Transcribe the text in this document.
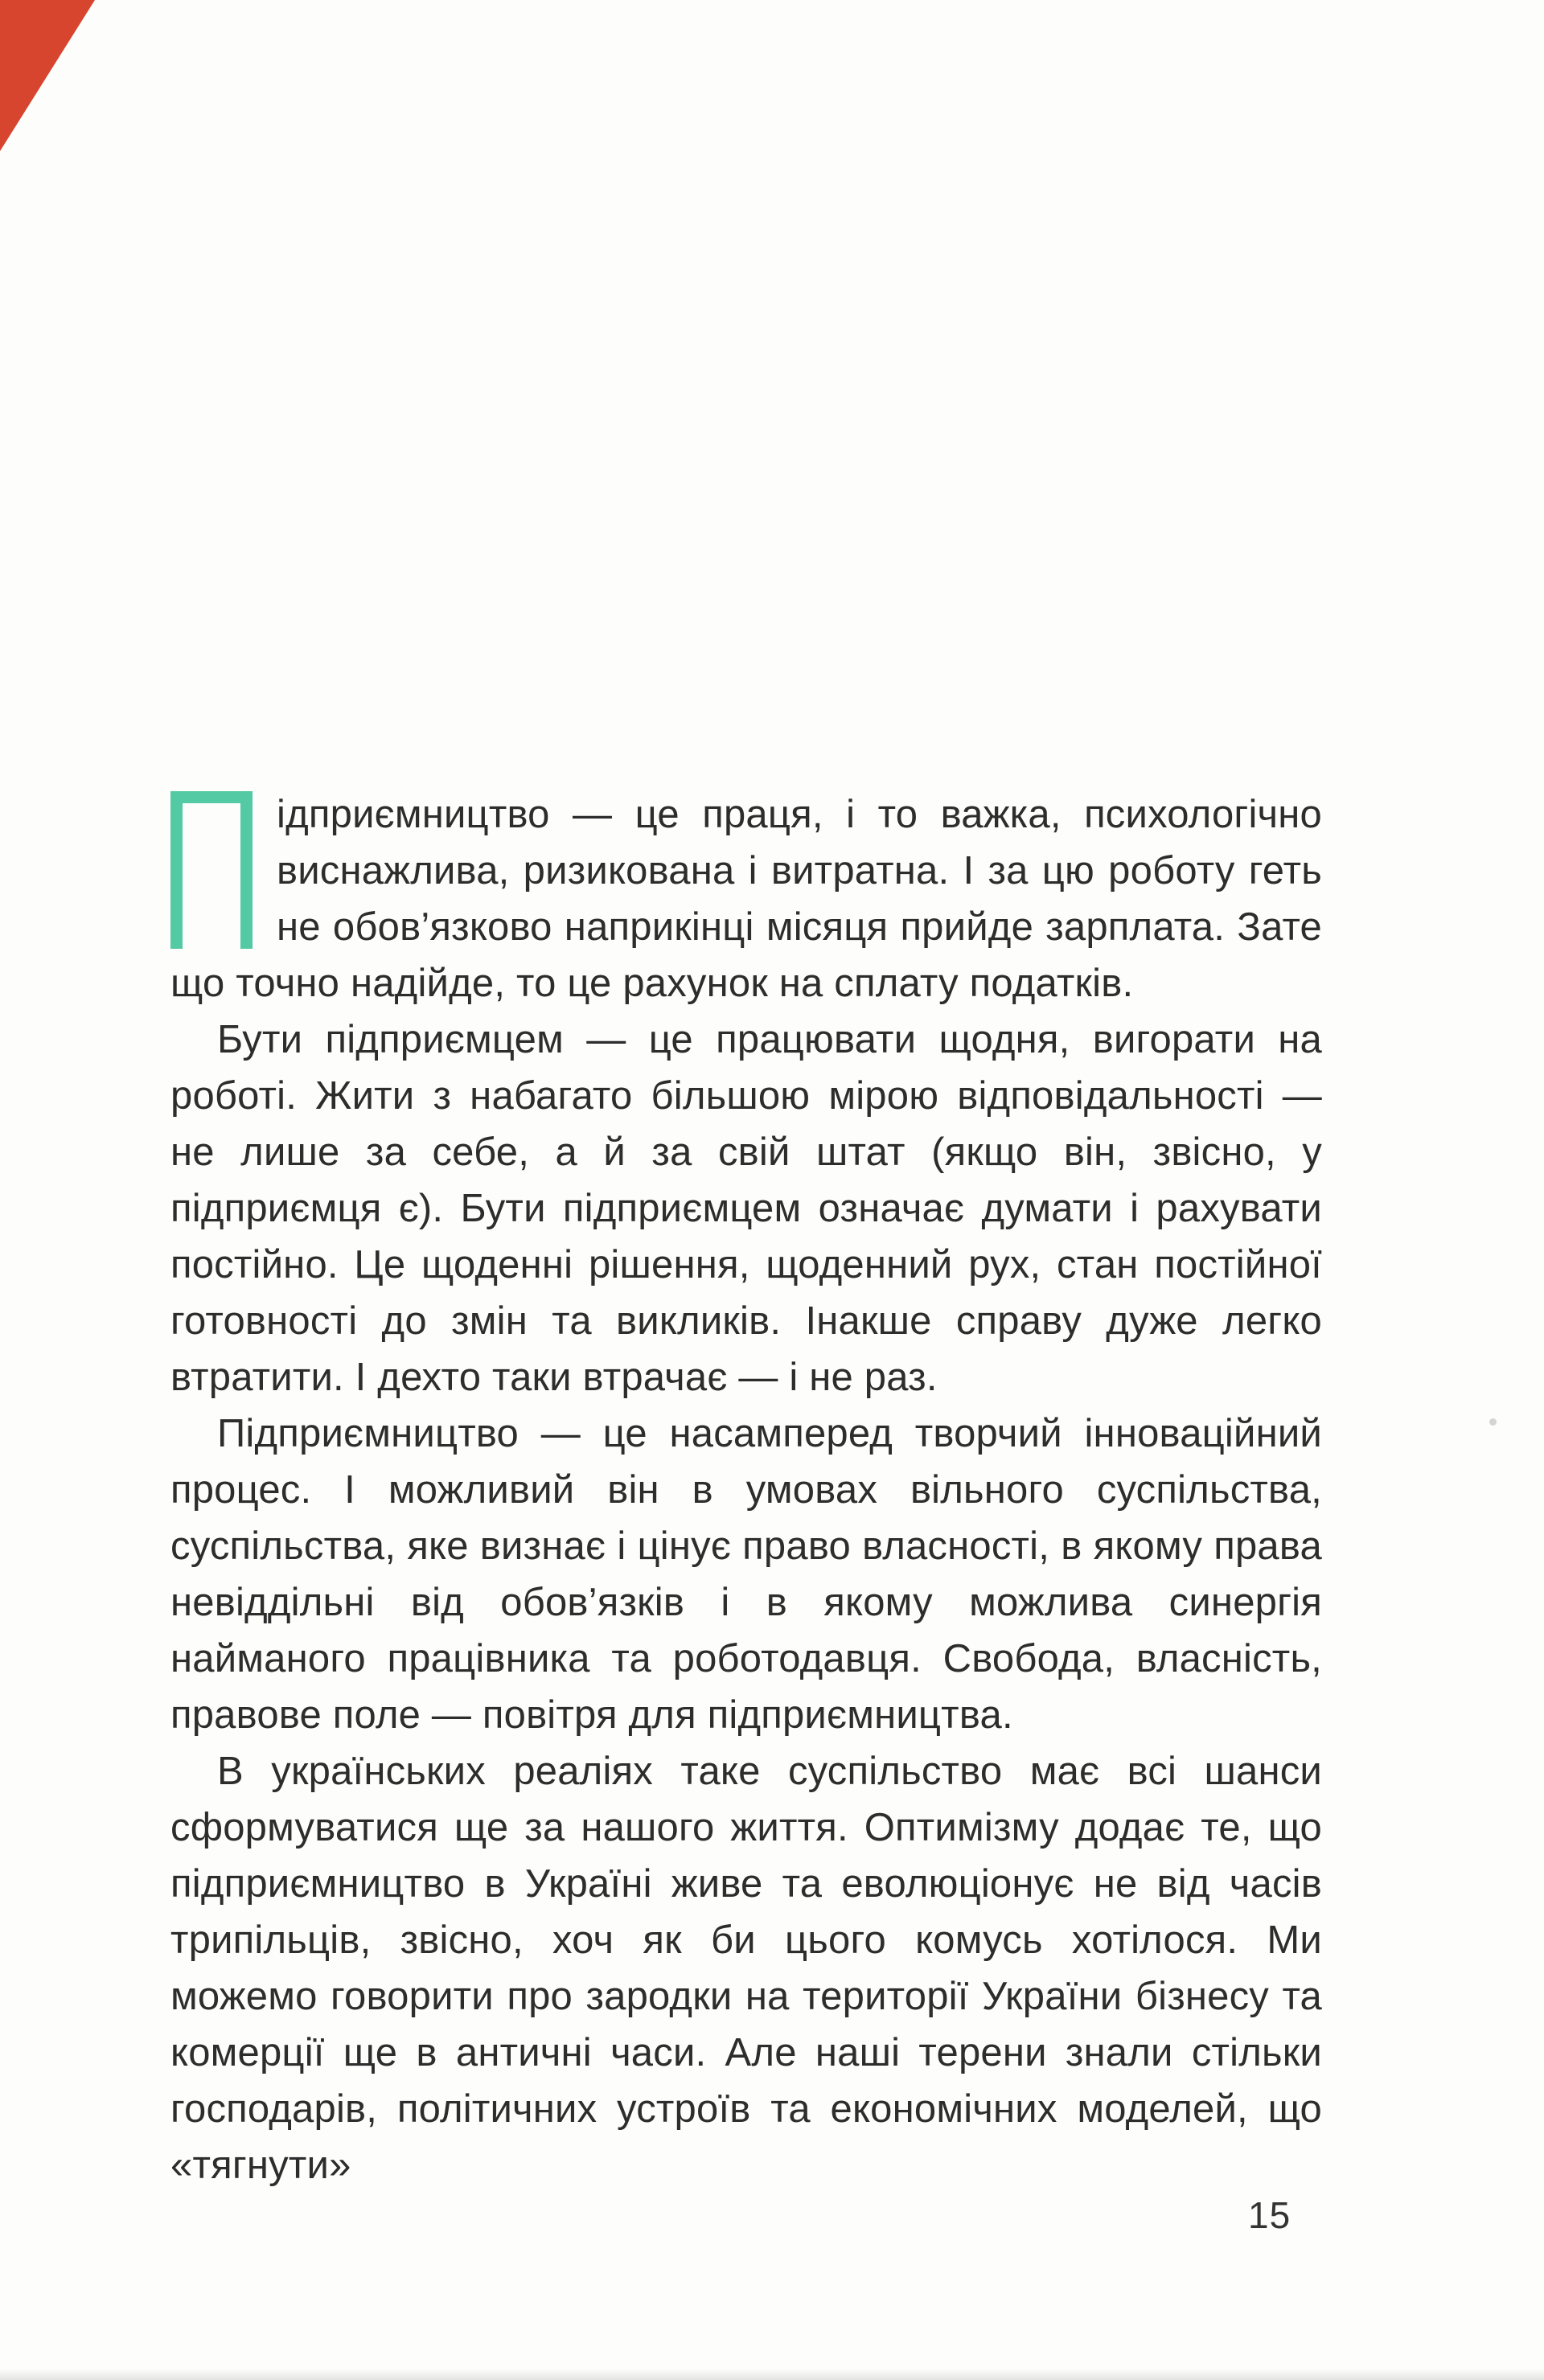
ідприємництво — це праця, і то важка, психологічно виснажлива, ризикована і витратна. І за цю роботу геть не обов’язково наприкінці місяця прийде зарплата. Зате що точно надійде, то це рахунок на сплату податків.

Бути підприємцем — це працювати щодня, вигорати на роботі. Жити з набагато більшою мірою відповідальності — не лише за себе, а й за свій штат (якщо він, звісно, у підприємця є). Бути підприємцем означає думати і рахувати постійно. Це щоденні рішення, щоденний рух, стан постійної готовності до змін та викликів. Інакше справу дуже легко втратити. І дехто таки втрачає — і не раз.

Підприємництво — це насамперед творчий інноваційний процес. І можливий він в умовах вільного суспільства, суспільства, яке визнає і цінує право власності, в якому права невіддільні від обов’язків і в якому можлива синергія найманого працівника та роботодавця. Свобода, власність, правове поле — повітря для підприємництва.

В українських реаліях таке суспільство має всі шанси сформуватися ще за нашого життя. Оптимізму додає те, що підприємництво в Україні живе та еволюціонує не від часів трипільців, звісно, хоч як би цього комусь хотілося. Ми можемо говорити про зародки на території України бізнесу та комерції ще в античні часи. Але наші терени знали стільки господарів, політичних устроїв та економічних моделей, що «тягнути»

15
